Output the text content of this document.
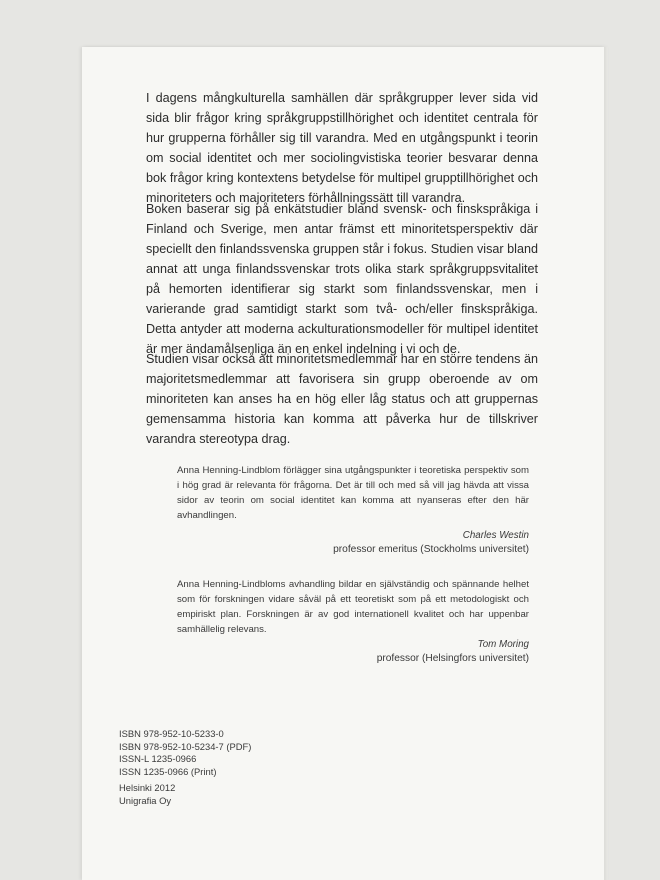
I dagens mångkulturella samhällen där språkgrupper lever sida vid sida blir frågor kring språkgruppstillhörighet och identitet centrala för hur grupperna förhåller sig till varandra. Med en utgångspunkt i teorin om social identitet och mer sociolingvistiska teorier besvarar denna bok frågor kring kontextens betydelse för multipel grupptillhörighet och minoriteters och majoriteters förhållningssätt till varandra.

Boken baserar sig på enkätstudier bland svensk- och finskspråkiga i Finland och Sverige, men antar främst ett minoritetsperspektiv där speciellt den finlandssvenska gruppen står i fokus. Studien visar bland annat att unga finlandssvenskar trots olika stark språkgruppsvitalitet på hemorten identifierar sig starkt som finlandssvenskar, men i varierande grad samtidigt starkt som två- och/eller finskspråkiga. Detta antyder att moderna ackulturationsmodeller för multipel identitet är mer ändamålsenliga än en enkel indelning i vi och de.

Studien visar också att minoritetsmedlemmar har en större tendens än majoritetsmedlemmar att favorisera sin grupp oberoende av om minoriteten kan anses ha en hög eller låg status och att gruppernas gemensamma historia kan komma att påverka hur de tillskriver varandra stereotypa drag.

Anna Henning-Lindblom förlägger sina utgångspunkter i teoretiska perspektiv som i hög grad är relevanta för frågorna. Det är till och med så vill jag hävda att vissa sidor av teorin om social identitet kan komma att nyanseras efter den här avhandlingen.

Charles Westin
professor emeritus (Stockholms universitet)

Anna Henning-Lindbloms avhandling bildar en självständig och spännande helhet som för forskningen vidare såväl på ett teoretiskt som på ett metodologiskt och empiriskt plan. Forskningen är av god internationell kvalitet och har uppenbar samhällelig relevans.

Tom Moring
professor (Helsingfors universitet)
ISBN 978-952-10-5233-0
ISBN 978-952-10-5234-7 (PDF)
ISSN-L 1235-0966
ISSN 1235-0966 (Print)
Helsinki 2012
Unigrafia Oy
